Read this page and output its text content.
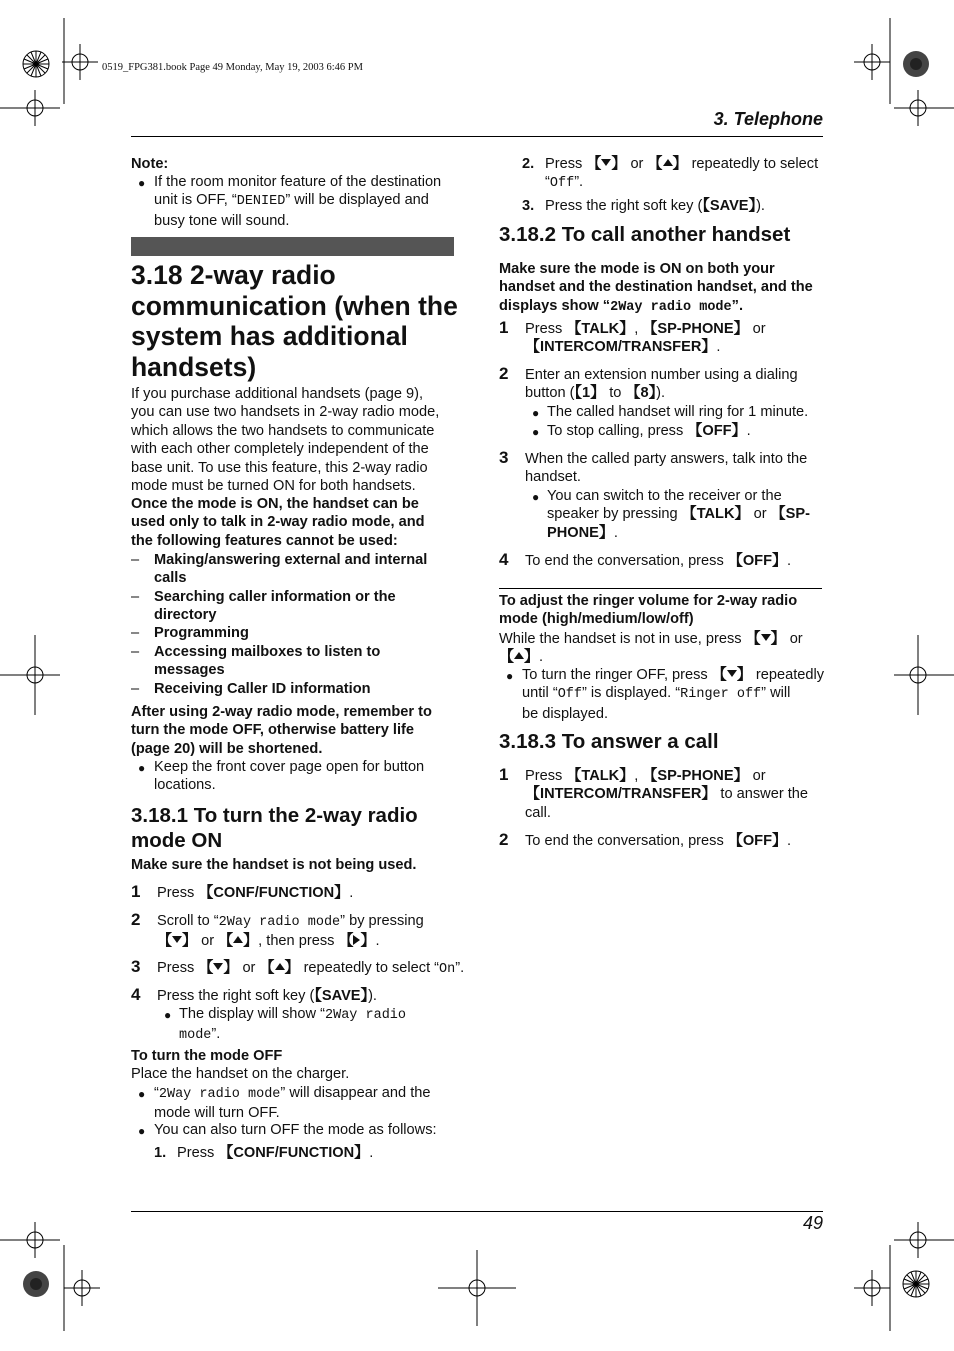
0519_FPG381.book Page 49 Monday, May 19, 2003 6:46 PM
3. Telephone
Note:
● If the room monitor feature of the destination
unit is OFF, “DENIED” will be displayed and
busy tone will sound.
3.18 2-way radio
communication (when the
system has additional
handsets)
If you purchase additional handsets (page 9),
you can use two handsets in 2-way radio mode,
which allows the two handsets to communicate
with each other completely independent of the
base unit. To use this feature, this 2-way radio
mode must be turned ON for both handsets.
Once the mode is ON, the handset can be
used only to talk in 2-way radio mode, and
the following features cannot be used:
– Making/answering external and internal
calls
– Searching caller information or the
directory
– Programming
– Accessing mailboxes to listen to
messages
– Receiving Caller ID information
After using 2-way radio mode, remember to
turn the mode OFF, otherwise battery life
(page 20) will be shortened.
● Keep the front cover page open for button
locations.
3.18.1 To turn the 2-way radio
mode ON
Make sure the handset is not being used.
1 Press 【CONF/FUNCTION】.
2 Scroll to “2Way radio mode” by pressing
【 】 or 【 】, then press 【 】.
3 Press 【 】 or 【 】 repeatedly to select “On”.
4 Press the right soft key (【SAVE】).
● The display will show “2Way radio
mode”.
To turn the mode OFF
Place the handset on the charger.
● “2Way radio mode” will disappear and the
mode will turn OFF.
● You can also turn OFF the mode as follows:
1. Press 【CONF/FUNCTION】.
2. Press 【 】 or 【 】 repeatedly to select
“Off”.
3. Press the right soft key (【SAVE】).
3.18.2 To call another handset
Make sure the mode is ON on both your
handset and the destination handset, and the
displays show “2Way radio mode”.
1 Press 【TALK】, 【SP-PHONE】 or
【INTERCOM/TRANSFER】.
2 Enter an extension number using a dialing
button (【1】 to 【8】).
● The called handset will ring for 1 minute.
● To stop calling, press 【OFF】.
3 When the called party answers, talk into the
handset.
● You can switch to the receiver or the
speaker by pressing 【TALK】 or 【SP-
PHONE】.
4 To end the conversation, press 【OFF】.
To adjust the ringer volume for 2-way radio
mode (high/medium/low/off)
While the handset is not in use, press 【 】 or
【 】.
● To turn the ringer OFF, press 【 】 repeatedly
until “Off” is displayed. “Ringer off” will
be displayed.
3.18.3 To answer a call
1 Press 【TALK】, 【SP-PHONE】 or
【INTERCOM/TRANSFER】 to answer the
call.
2 To end the conversation, press 【OFF】.
49
